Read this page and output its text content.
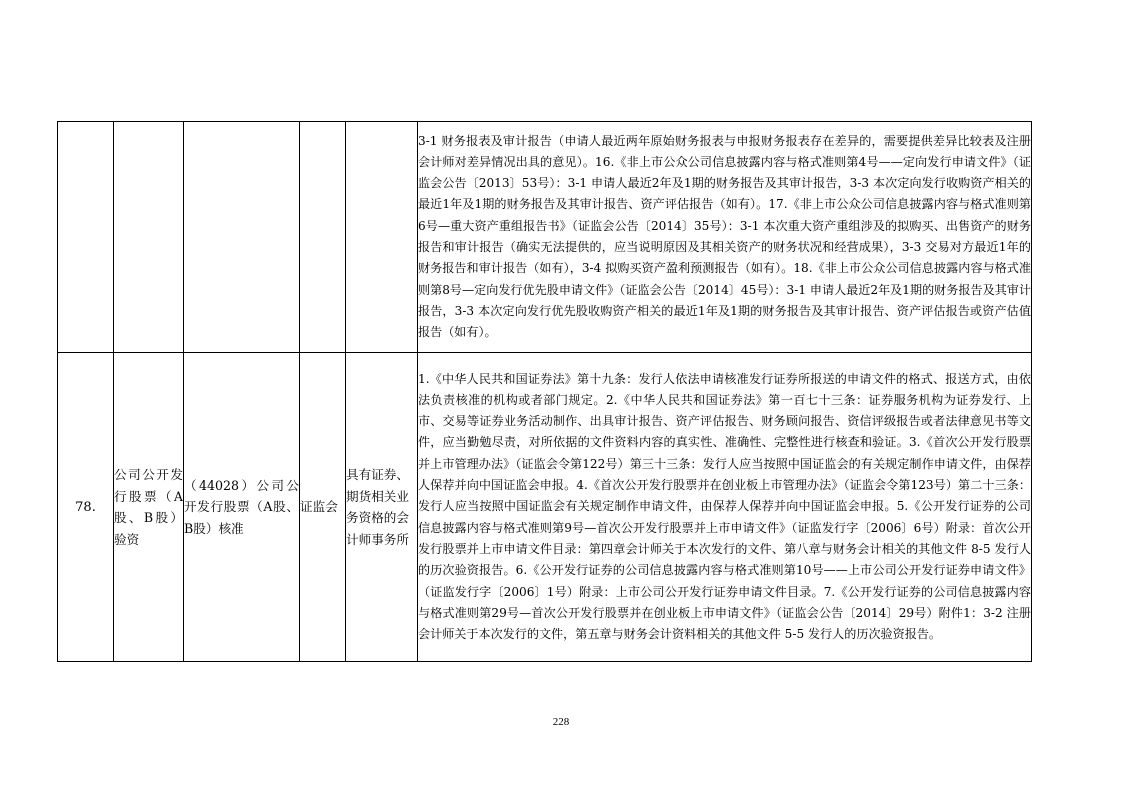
					3-1 财务报表及审计报告（申请人最近两年原始财务报表与申报财务报表存在差异的，需要提供差异比较表及注册会计师对差异情况出具的意见）。16.《非上市公众公司信息披露内容与格式准则第4号——定向发行申请文件》（证监会公告〔2013〕53号）：3-1 申请人最近2年及1期的财务报告及其审计报告，3-3 本次定向发行收购资产相关的最近1年及1期的财务报告及其审计报告、资产评估报告（如有）。17.《非上市公众公司信息披露内容与格式准则第6号—重大资产重组报告书》（证监会公告〔2014〕35号）：3-1 本次重大资产重组涉及的拟购买、出售资产的财务报告和审计报告（确实无法提供的，应当说明原因及其相关资产的财务状况和经营成果），3-3 交易对方最近1年的财务报告和审计报告（如有），3-4 拟购买资产盈利预测报告（如有）。18.《非上市公众公司信息披露内容与格式准则第8号—定向发行优先股申请文件》（证监会公告〔2014〕45号）：3-1 申请人最近2年及1期的财务报告及其审计报告，3-3 本次定向发行优先股收购资产相关的最近1年及1期的财务报告及其审计报告、资产评估报告或资产估值报告（如有）。

78.	公司公开发行股票（A股、B股）验资	（44028）公司公开发行股票（A股、B股）核准	证监会	具有证券、期货相关业务资格的会计师事务所	1.《中华人民共和国证券法》第十九条：发行人依法申请核准发行证券所报送的申请文件的格式、报送方式，由依法负责核准的机构或者部门规定。2.《中华人民共和国证券法》第一百七十三条：证券服务机构为证券发行、上市、交易等证券业务活动制作、出具审计报告、资产评估报告、财务顾问报告、资信评级报告或者法律意见书等文件，应当勤勉尽责，对所依据的文件资料内容的真实性、准确性、完整性进行核查和验证。3.《首次公开发行股票并上市管理办法》（证监会令第122号）第三十三条：发行人应当按照中国证监会的有关规定制作申请文件，由保荐人保荐并向中国证监会申报。4.《首次公开发行股票并在创业板上市管理办法》（证监会令第123号）第二十三条：发行人应当按照中国证监会有关规定制作申请文件，由保荐人保荐并向中国证监会申报。5.《公开发行证券的公司信息披露内容与格式准则第9号—首次公开发行股票并上市申请文件》（证监发行字〔2006〕6号）附录：首次公开发行股票并上市申请文件目录：第四章会计师关于本次发行的文件、第八章与财务会计相关的其他文件 8-5 发行人的历次验资报告。6.《公开发行证券的公司信息披露内容与格式准则第10号——上市公司公开发行证券申请文件》（证监发行字〔2006〕1号）附录：上市公司公开发行证券申请文件目录。7.《公开发行证券的公司信息披露内容与格式准则第29号—首次公开发行股票并在创业板上市申请文件》（证监会公告〔2014〕29号）附件1：3-2 注册会计师关于本次发行的文件，第五章与财务会计资料相关的其他文件 5-5 发行人的历次验资报告。
228
